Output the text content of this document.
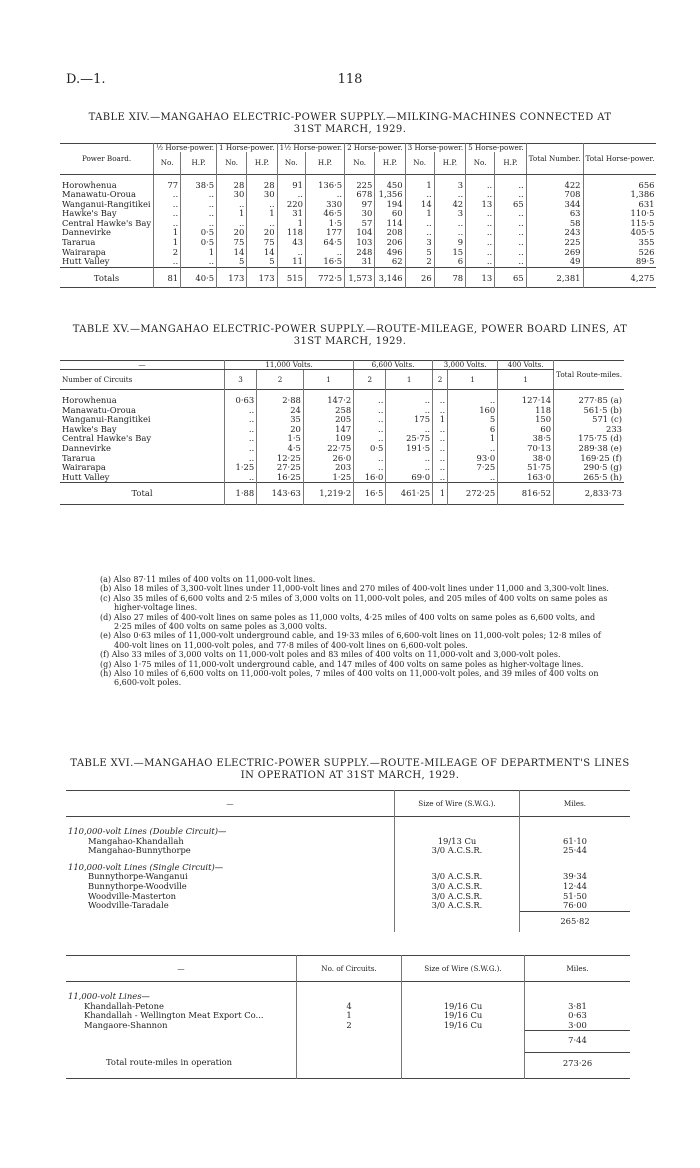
D.—1.	118
TABLE XIV.—MANGAHAO ELECTRIC-POWER SUPPLY.—MILKING-MACHINES CONNECTED AT
31ST MARCH, 1929.
Power Board.	½ Horse-power.		1 Horse-power.		1½ Horse-power.		2 Horse-power.		3 Horse-power.		5 Horse-power.		Total Number.	Total Horse-power.
	No.	H.P.	No.	H.P.	No.	H.P.	No.	H.P.	No.	H.P.	No.	H.P.		
Horowhenua	77	38·5	28	28	91	136·5	225	450	1	3	..	..	422	656
Manawatu-Oroua	..	..	30	30	..	..	678	1,356	..	..	..	..	708	1,386
Wanganui-Rangitikei	..	..	..	..	220	330	97	194	14	42	13	65	344	631
Hawke's Bay	..	..	1	1	31	46·5	30	60	1	3	..	..	63	110·5
Central Hawke's Bay	..	..	..	..	1	1·5	57	114	..	..	..	..	58	115·5
Dannevirke	1	0·5	20	20	118	177	104	208	..	..	..	..	243	405·5
Tararua	1	0·5	75	75	43	64·5	103	206	3	9	..	..	225	355
Wairarapa	2	1	14	14	..	..	248	496	5	15	..	..	269	526
Hutt Valley	..	..	5	5	11	16·5	31	62	2	6	..	..	49	89·5
Totals	81	40·5	173	173	515	772·5	1,573	3,146	26	78	13	65	2,381	4,275
TABLE XV.—MANGAHAO ELECTRIC-POWER SUPPLY.—ROUTE-MILEAGE, POWER BOARD LINES, AT
31ST MARCH, 1929.
—	11,000 Volts.			6,600 Volts.		3,000 Volts.		400 Volts.	Total Route-miles.
Number of Circuits	3	2	1	2	1	2	1	1	
Horowhenua	0·63	2·88	147·2	..	..	..	..	127·14	277·85 (a)
Manawatu-Oroua	..	24	258	..	..	..	160	118	561·5 (b)
Wanganui-Rangitikei	..	35	205	..	175	1	5	150	571 (c)
Hawke's Bay	..	20	147	..	..	..	6	60	233
Central Hawke's Bay	..	1·5	109	..	25·75	..	1	38·5	175·75 (d)
Dannevirke	..	4·5	22·75	0·5	191·5	..	..	70·13	289·38 (e)
Tararua	..	12·25	26·0	..	..	..	93·0	38·0	169·25 (f)
Wairarapa	1·25	27·25	203	..	..	..	7·25	51·75	290·5 (g)
Hutt Valley	..	16·25	1·25	16·0	69·0	..	..	163·0	265·5 (h)
Total	1·88	143·63	1,219·2	16·5	461·25	1	272·25	816·52	2,833·73

(a) Also 87·11 miles of 400 volts on 11,000-volt lines.

(b) Also 18 miles of 3,300-volt lines under 11,000-volt lines and 270 miles of 400-volt lines under 11,000 and 3,300-volt lines.

(c) Also 35 miles of 6,600 volts and 2·5 miles of 3,000 volts on 11,000-volt poles, and 205 miles of 400 volts on same poles as higher-voltage lines.

(d) Also 27 miles of 400-volt lines on same poles as 11,000 volts, 4·25 miles of 400 volts on same poles as 6,600 volts, and 2·25 miles of 400 volts on same poles as 3,000 volts.

(e) Also 0·63 miles of 11,000-volt underground cable, and 19·33 miles of 6,600-volt lines on 11,000-volt poles; 12·8 miles of 400-volt lines on 11,000-volt poles, and 77·8 miles of 400-volt lines on 6,600-volt poles.

(f) Also 33 miles of 3,000 volts on 11,000-volt poles and 83 miles of 400 volts on 11,000-volt and 3,000-volt poles.

(g) Also 1·75 miles of 11,000-volt underground cable, and 147 miles of 400 volts on same poles as higher-voltage lines.

(h) Also 10 miles of 6,600 volts on 11,000-volt poles, 7 miles of 400 volts on 11,000-volt poles, and 39 miles of 400 volts on 6,600-volt poles.

TABLE XVI.—MANGAHAO ELECTRIC-POWER SUPPLY.—ROUTE-MILEAGE OF DEPARTMENT'S LINES
IN OPERATION AT 31ST MARCH, 1929.
—	Size of Wire (S.W.G.).	Miles.
110,000-volt Lines (Double Circuit)—		
Mangahao-Khandallah	19/13 Cu	61·10
Mangahao-Bunnythorpe	3/0 A.C.S.R.	25·44
110,000-volt Lines (Single Circuit)—		
Bunnythorpe-Wanganui	3/0 A.C.S.R.	39·34
Bunnythorpe-Woodville	3/0 A.C.S.R.	12·44
Woodville-Masterton	3/0 A.C.S.R.	51·50
Woodville-Taradale	3/0 A.C.S.R.	76·00
		265·82
—	No. of Circuits.	Size of Wire (S.W.G.).	Miles.
11,000-volt Lines—			
Khandallah-Petone	4	19/16 Cu	3·81
Khandallah - Wellington Meat Export Co...	1	19/16 Cu	0·63
Mangaore-Shannon	2	19/16 Cu	3·00
			7·44
Total route-miles in operation			273·26
